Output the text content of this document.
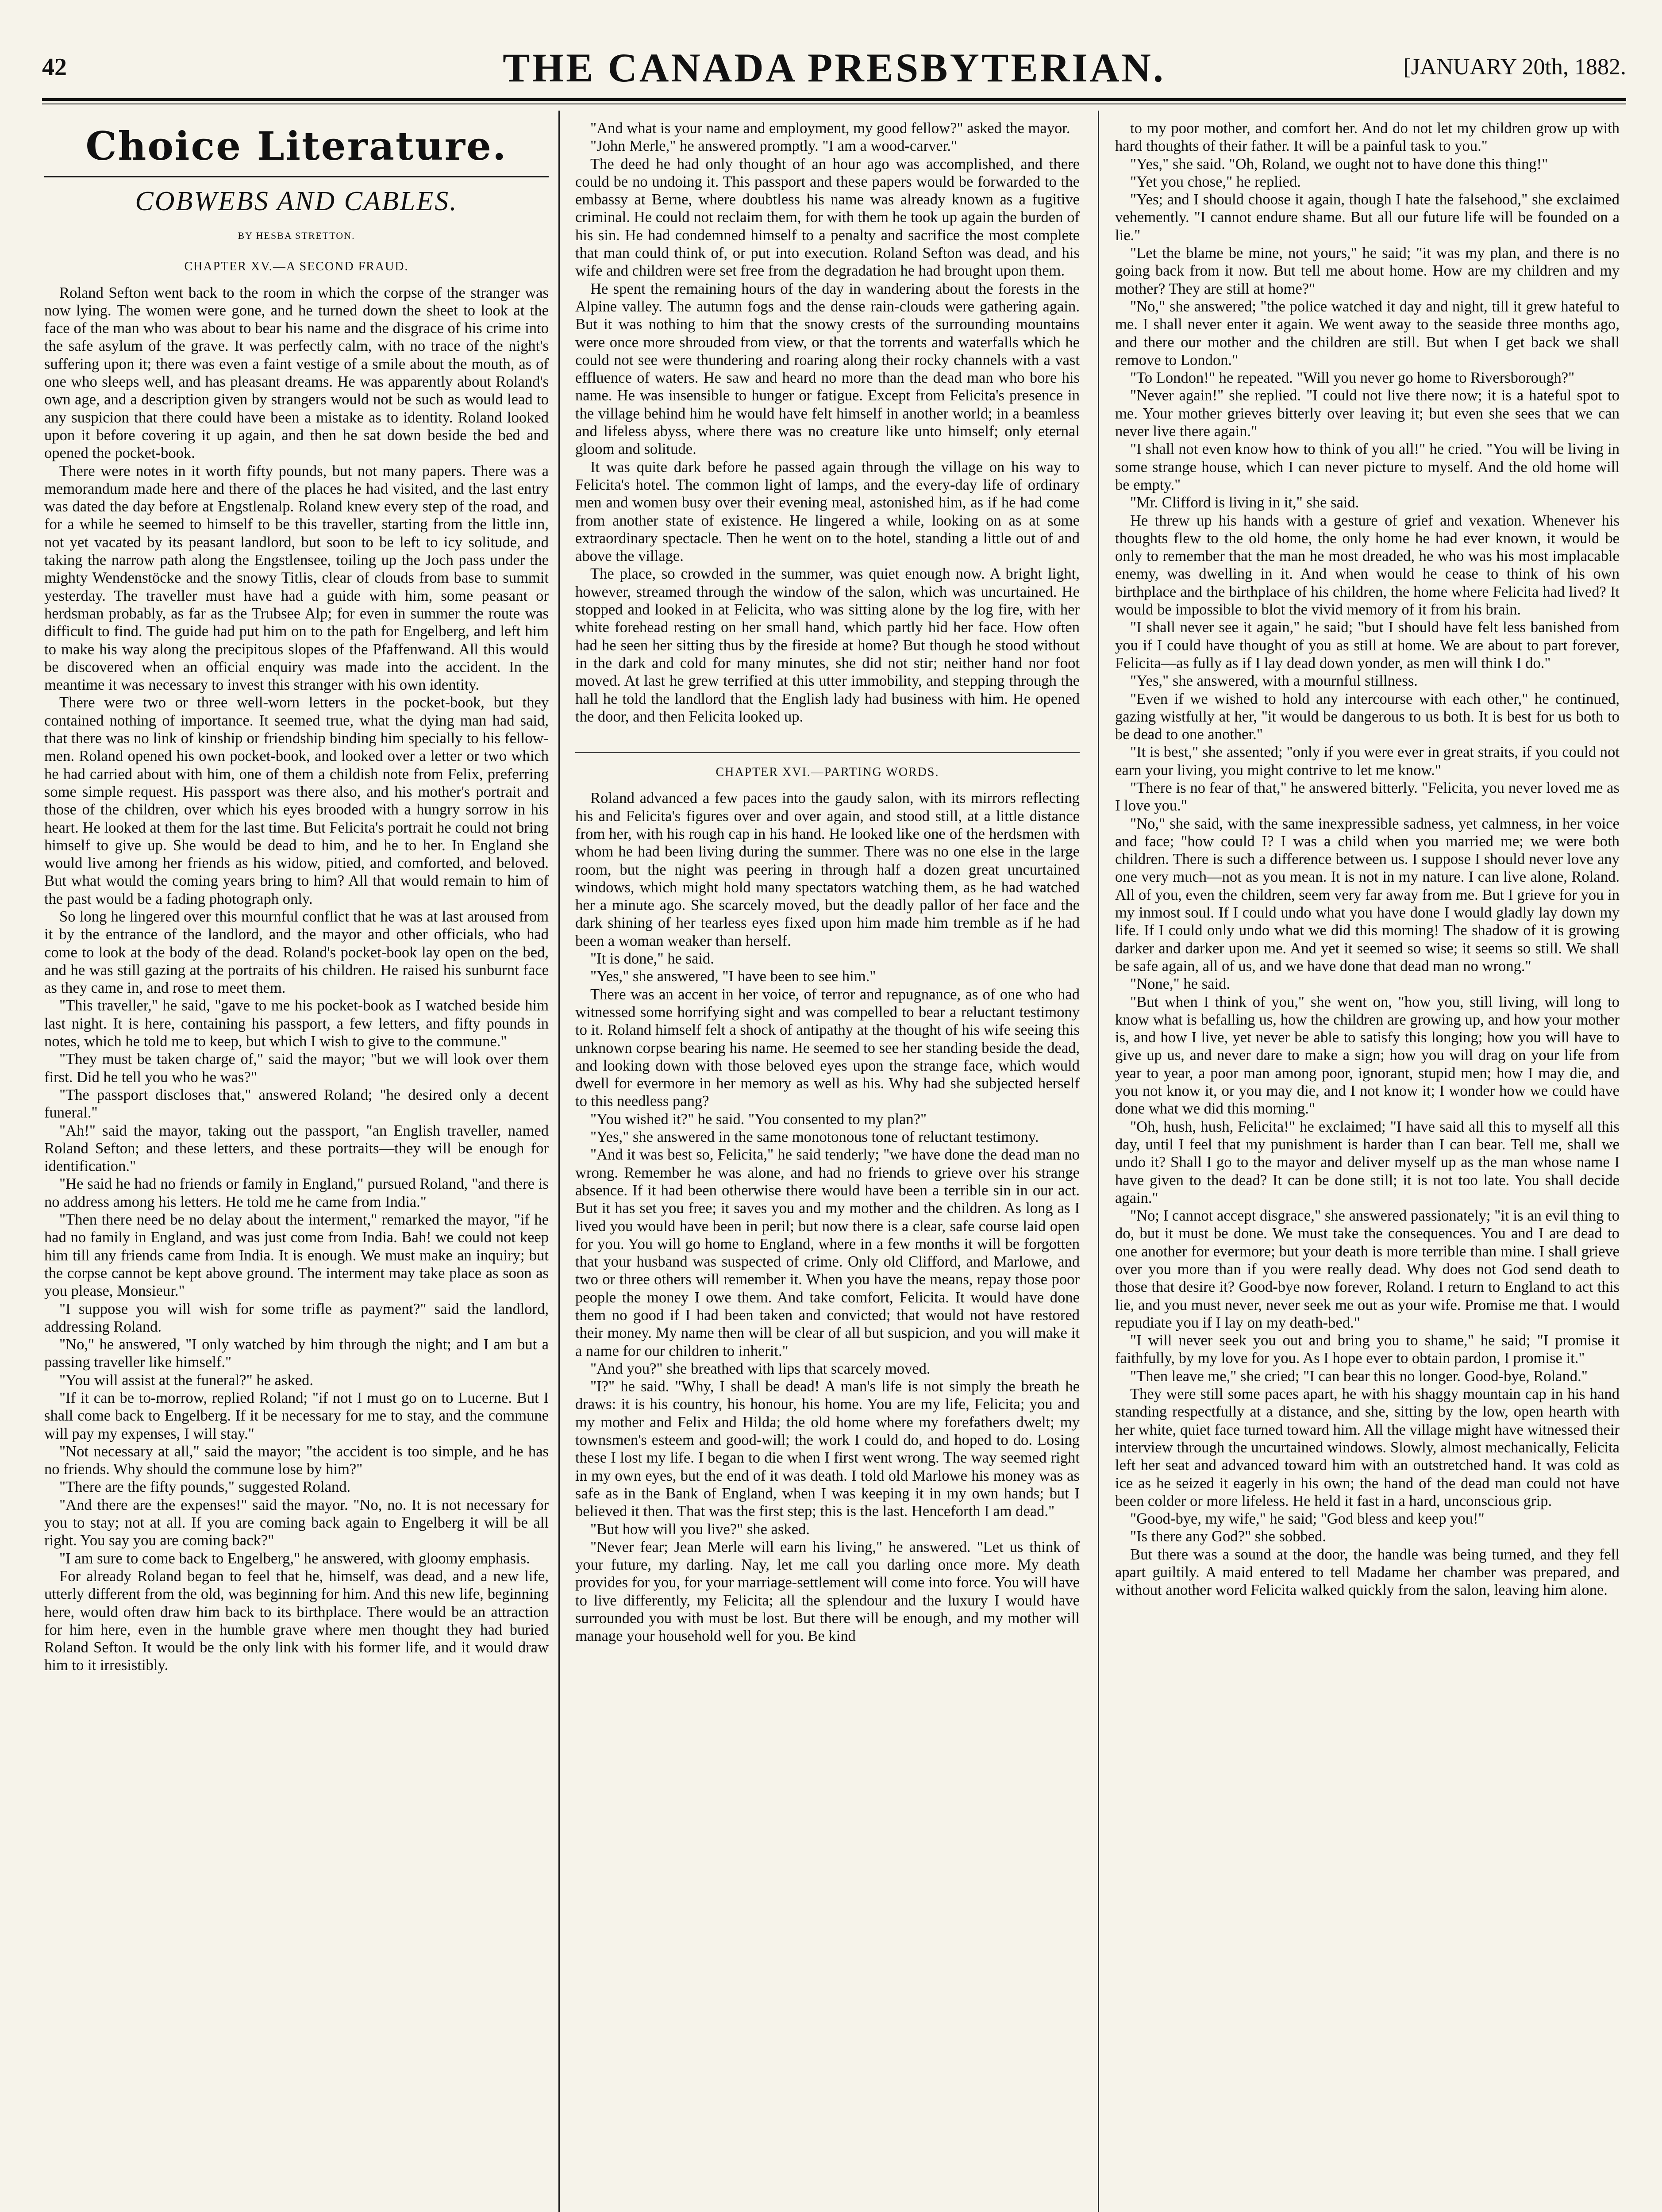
42	THE CANADA PRESBYTERIAN.	[JANUARY 20th, 1882.
Choice Literature.
COBWEBS AND CABLES.
BY HESBA STRETTON.
CHAPTER XV.—A SECOND FRAUD.

Roland Sefton went back to the room in which the corpse of the stranger was now lying. The women were gone, and he turned down the sheet to look at the face of the man who was about to bear his name and the disgrace of his crime into the safe asylum of the grave. It was perfectly calm, with no trace of the night's suffering upon it; there was even a faint vestige of a smile about the mouth, as of one who sleeps well, and has pleasant dreams. He was apparently about Roland's own age, and a description given by strangers would not be such as would lead to any suspicion that there could have been a mistake as to identity. Roland looked upon it before covering it up again, and then he sat down beside the bed and opened the pocket-book.

There were notes in it worth fifty pounds, but not many papers. There was a memorandum made here and there of the places he had visited, and the last entry was dated the day before at Engstlenalp. Roland knew every step of the road, and for a while he seemed to himself to be this traveller, starting from the little inn, not yet vacated by its peasant landlord, but soon to be left to icy solitude, and taking the narrow path along the Engstlensee, toiling up the Joch pass under the mighty Wendenstöcke and the snowy Titlis, clear of clouds from base to summit yesterday. The traveller must have had a guide with him, some peasant or herdsman probably, as far as the Trubsee Alp; for even in summer the route was difficult to find. The guide had put him on to the path for Engelberg, and left him to make his way along the precipitous slopes of the Pfaffenwand. All this would be discovered when an official enquiry was made into the accident. In the meantime it was necessary to invest this stranger with his own identity.

There were two or three well-worn letters in the pocket-book, but they contained nothing of importance. It seemed true, what the dying man had said, that there was no link of kinship or friendship binding him specially to his fellow-men. Roland opened his own pocket-book, and looked over a letter or two which he had carried about with him, one of them a childish note from Felix, preferring some simple request. His passport was there also, and his mother's portrait and those of the children, over which his eyes brooded with a hungry sorrow in his heart. He looked at them for the last time. But Felicita's portrait he could not bring himself to give up. She would be dead to him, and he to her. In England she would live among her friends as his widow, pitied, and comforted, and beloved. But what would the coming years bring to him? All that would remain to him of the past would be a fading photograph only.

So long he lingered over this mournful conflict that he was at last aroused from it by the entrance of the landlord, and the mayor and other officials, who had come to look at the body of the dead. Roland's pocket-book lay open on the bed, and he was still gazing at the portraits of his children. He raised his sunburnt face as they came in, and rose to meet them.

"This traveller," he said, "gave to me his pocket-book as I watched beside him last night. It is here, containing his passport, a few letters, and fifty pounds in notes, which he told me to keep, but which I wish to give to the commune."

"They must be taken charge of," said the mayor; "but we will look over them first. Did he tell you who he was?"

"The passport discloses that," answered Roland; "he desired only a decent funeral."

"Ah!" said the mayor, taking out the passport, "an English traveller, named Roland Sefton; and these letters, and these portraits—they will be enough for identification."

"He said he had no friends or family in England," pursued Roland, "and there is no address among his letters. He told me he came from India."

"Then there need be no delay about the interment," remarked the mayor, "if he had no family in England, and was just come from India. Bah! we could not keep him till any friends came from India. It is enough. We must make an inquiry; but the corpse cannot be kept above ground. The interment may take place as soon as you please, Monsieur."

"I suppose you will wish for some trifle as payment?" said the landlord, addressing Roland.

"No," he answered, "I only watched by him through the night; and I am but a passing traveller like himself."

"You will assist at the funeral?" he asked.

"If it can be to-morrow, replied Roland; "if not I must go on to Lucerne. But I shall come back to Engelberg. If it be necessary for me to stay, and the commune will pay my expenses, I will stay."

"Not necessary at all," said the mayor; "the accident is too simple, and he has no friends. Why should the commune lose by him?"

"There are the fifty pounds," suggested Roland.

"And there are the expenses!" said the mayor. "No, no. It is not necessary for you to stay; not at all. If you are coming back again to Engelberg it will be all right. You say you are coming back?"

"I am sure to come back to Engelberg," he answered, with gloomy emphasis.

For already Roland began to feel that he, himself, was dead, and a new life, utterly different from the old, was beginning for him. And this new life, beginning here, would often draw him back to its birthplace. There would be an attraction for him here, even in the humble grave where men thought they had buried Roland Sefton. It would be the only link with his former life, and it would draw him to it irresistibly.

"And what is your name and employment, my good fellow?" asked the mayor.

"John Merle," he answered promptly. "I am a wood-carver."

The deed he had only thought of an hour ago was accomplished, and there could be no undoing it. This passport and these papers would be forwarded to the embassy at Berne, where doubtless his name was already known as a fugitive criminal. He could not reclaim them, for with them he took up again the burden of his sin. He had condemned himself to a penalty and sacrifice the most complete that man could think of, or put into execution. Roland Sefton was dead, and his wife and children were set free from the degradation he had brought upon them.

He spent the remaining hours of the day in wandering about the forests in the Alpine valley. The autumn fogs and the dense rain-clouds were gathering again. But it was nothing to him that the snowy crests of the surrounding mountains were once more shrouded from view, or that the torrents and waterfalls which he could not see were thundering and roaring along their rocky channels with a vast effluence of waters. He saw and heard no more than the dead man who bore his name. He was insensible to hunger or fatigue. Except from Felicita's presence in the village behind him he would have felt himself in another world; in a beamless and lifeless abyss, where there was no creature like unto himself; only eternal gloom and solitude.

It was quite dark before he passed again through the village on his way to Felicita's hotel. The common light of lamps, and the every-day life of ordinary men and women busy over their evening meal, astonished him, as if he had come from another state of existence. He lingered a while, looking on as at some extraordinary spectacle. Then he went on to the hotel, standing a little out of and above the village.

The place, so crowded in the summer, was quiet enough now. A bright light, however, streamed through the window of the salon, which was uncurtained. He stopped and looked in at Felicita, who was sitting alone by the log fire, with her white forehead resting on her small hand, which partly hid her face. How often had he seen her sitting thus by the fireside at home? But though he stood without in the dark and cold for many minutes, she did not stir; neither hand nor foot moved. At last he grew terrified at this utter immobility, and stepping through the hall he told the landlord that the English lady had business with him. He opened the door, and then Felicita looked up.

CHAPTER XVI.—PARTING WORDS.

Roland advanced a few paces into the gaudy salon, with its mirrors reflecting his and Felicita's figures over and over again, and stood still, at a little distance from her, with his rough cap in his hand. He looked like one of the herdsmen with whom he had been living during the summer. There was no one else in the large room, but the night was peering in through half a dozen great uncurtained windows, which might hold many spectators watching them, as he had watched her a minute ago. She scarcely moved, but the deadly pallor of her face and the dark shining of her tearless eyes fixed upon him made him tremble as if he had been a woman weaker than herself.

"It is done," he said.

"Yes," she answered, "I have been to see him."

There was an accent in her voice, of terror and repugnance, as of one who had witnessed some horrifying sight and was compelled to bear a reluctant testimony to it. Roland himself felt a shock of antipathy at the thought of his wife seeing this unknown corpse bearing his name. He seemed to see her standing beside the dead, and looking down with those beloved eyes upon the strange face, which would dwell for evermore in her memory as well as his. Why had she subjected herself to this needless pang?

"You wished it?" he said. "You consented to my plan?"

"Yes," she answered in the same monotonous tone of reluctant testimony.

"And it was best so, Felicita," he said tenderly; "we have done the dead man no wrong. Remember he was alone, and had no friends to grieve over his strange absence. If it had been otherwise there would have been a terrible sin in our act. But it has set you free; it saves you and my mother and the children. As long as I lived you would have been in peril; but now there is a clear, safe course laid open for you. You will go home to England, where in a few months it will be forgotten that your husband was suspected of crime. Only old Clifford, and Marlowe, and two or three others will remember it. When you have the means, repay those poor people the money I owe them. And take comfort, Felicita. It would have done them no good if I had been taken and convicted; that would not have restored their money. My name then will be clear of all but suspicion, and you will make it a name for our children to inherit."

"And you?" she breathed with lips that scarcely moved.

"I?" he said. "Why, I shall be dead! A man's life is not simply the breath he draws: it is his country, his honour, his home. You are my life, Felicita; you and my mother and Felix and Hilda; the old home where my forefathers dwelt; my townsmen's esteem and good-will; the work I could do, and hoped to do. Losing these I lost my life. I began to die when I first went wrong. The way seemed right in my own eyes, but the end of it was death. I told old Marlowe his money was as safe as in the Bank of England, when I was keeping it in my own hands; but I believed it then. That was the first step; this is the last. Henceforth I am dead."

"But how will you live?" she asked.

"Never fear; Jean Merle will earn his living," he answered. "Let us think of your future, my darling. Nay, let me call you darling once more. My death provides for you, for your marriage-settlement will come into force. You will have to live differently, my Felicita; all the splendour and the luxury I would have surrounded you with must be lost. But there will be enough, and my mother will manage your household well for you. Be kind

to my poor mother, and comfort her. And do not let my children grow up with hard thoughts of their father. It will be a painful task to you."

"Yes," she said. "Oh, Roland, we ought not to have done this thing!"

"Yet you chose," he replied.

"Yes; and I should choose it again, though I hate the falsehood," she exclaimed vehemently. "I cannot endure shame. But all our future life will be founded on a lie."

"Let the blame be mine, not yours," he said; "it was my plan, and there is no going back from it now. But tell me about home. How are my children and my mother? They are still at home?"

"No," she answered; "the police watched it day and night, till it grew hateful to me. I shall never enter it again. We went away to the seaside three months ago, and there our mother and the children are still. But when I get back we shall remove to London."

"To London!" he repeated. "Will you never go home to Riversborough?"

"Never again!" she replied. "I could not live there now; it is a hateful spot to me. Your mother grieves bitterly over leaving it; but even she sees that we can never live there again."

"I shall not even know how to think of you all!" he cried. "You will be living in some strange house, which I can never picture to myself. And the old home will be empty."

"Mr. Clifford is living in it," she said.

He threw up his hands with a gesture of grief and vexation. Whenever his thoughts flew to the old home, the only home he had ever known, it would be only to remember that the man he most dreaded, he who was his most implacable enemy, was dwelling in it. And when would he cease to think of his own birthplace and the birthplace of his children, the home where Felicita had lived? It would be impossible to blot the vivid memory of it from his brain.

"I shall never see it again," he said; "but I should have felt less banished from you if I could have thought of you as still at home. We are about to part forever, Felicita—as fully as if I lay dead down yonder, as men will think I do."

"Yes," she answered, with a mournful stillness.

"Even if we wished to hold any intercourse with each other," he continued, gazing wistfully at her, "it would be dangerous to us both. It is best for us both to be dead to one another."

"It is best," she assented; "only if you were ever in great straits, if you could not earn your living, you might contrive to let me know."

"There is no fear of that," he answered bitterly. "Felicita, you never loved me as I love you."

"No," she said, with the same inexpressible sadness, yet calmness, in her voice and face; "how could I? I was a child when you married me; we were both children. There is such a difference between us. I suppose I should never love any one very much—not as you mean. It is not in my nature. I can live alone, Roland. All of you, even the children, seem very far away from me. But I grieve for you in my inmost soul. If I could undo what you have done I would gladly lay down my life. If I could only undo what we did this morning! The shadow of it is growing darker and darker upon me. And yet it seemed so wise; it seems so still. We shall be safe again, all of us, and we have done that dead man no wrong."

"None," he said.

"But when I think of you," she went on, "how you, still living, will long to know what is befalling us, how the children are growing up, and how your mother is, and how I live, yet never be able to satisfy this longing; how you will have to give up us, and never dare to make a sign; how you will drag on your life from year to year, a poor man among poor, ignorant, stupid men; how I may die, and you not know it, or you may die, and I not know it; I wonder how we could have done what we did this morning."

"Oh, hush, hush, Felicita!" he exclaimed; "I have said all this to myself all this day, until I feel that my punishment is harder than I can bear. Tell me, shall we undo it? Shall I go to the mayor and deliver myself up as the man whose name I have given to the dead? It can be done still; it is not too late. You shall decide again."

"No; I cannot accept disgrace," she answered passionately; "it is an evil thing to do, but it must be done. We must take the consequences. You and I are dead to one another for evermore; but your death is more terrible than mine. I shall grieve over you more than if you were really dead. Why does not God send death to those that desire it? Good-bye now forever, Roland. I return to England to act this lie, and you must never, never seek me out as your wife. Promise me that. I would repudiate you if I lay on my death-bed."

"I will never seek you out and bring you to shame," he said; "I promise it faithfully, by my love for you. As I hope ever to obtain pardon, I promise it."

"Then leave me," she cried; "I can bear this no longer. Good-bye, Roland."

They were still some paces apart, he with his shaggy mountain cap in his hand standing respectfully at a distance, and she, sitting by the low, open hearth with her white, quiet face turned toward him. All the village might have witnessed their interview through the uncurtained windows. Slowly, almost mechanically, Felicita left her seat and advanced toward him with an outstretched hand. It was cold as ice as he seized it eagerly in his own; the hand of the dead man could not have been colder or more lifeless. He held it fast in a hard, unconscious grip.

"Good-bye, my wife," he said; "God bless and keep you!"

"Is there any God?" she sobbed.

But there was a sound at the door, the handle was being turned, and they fell apart guiltily. A maid entered to tell Madame her chamber was prepared, and without another word Felicita walked quickly from the salon, leaving him alone.
